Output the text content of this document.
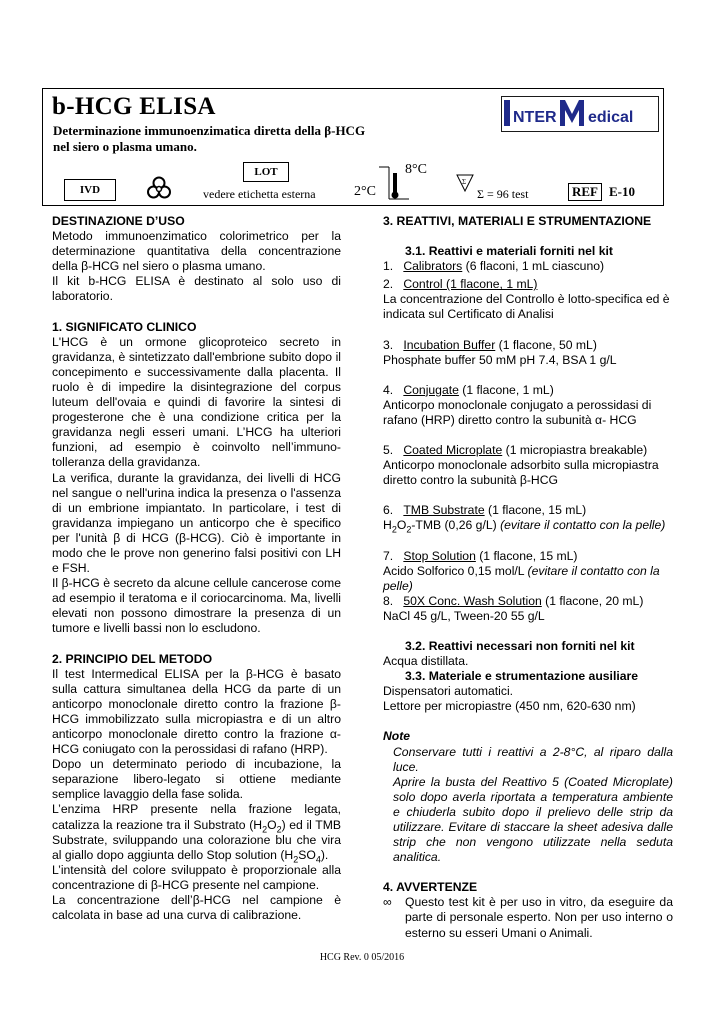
b-HCG ELISA
Determinazione immunoenzimatica diretta della β-HCG
nel siero o plasma umano.
NTER edical
IVD
LOT
vedere etichetta esterna	2°C
8°C
Σ
Σ = 96 test	REF E-10

DESTINAZIONE D’USO

Metodo immunoenzimatico colorimetrico per la determinazione quantitativa della concentrazione della β-HCG nel siero o plasma umano.

Il kit b-HCG ELISA è destinato al solo uso di laboratorio.

1. SIGNIFICATO CLINICO

L'HCG è un ormone glicoproteico secreto in gravidanza, è sintetizzato dall'embrione subito dopo il concepimento e successivamente dalla placenta. Il ruolo è di impedire la disintegrazione del corpus luteum dell'ovaia e quindi di favorire la sintesi di progesterone che è una condizione critica per la gravidanza negli esseri umani. L’HCG ha ulteriori funzioni, ad esempio è coinvolto nell’immuno-tolleranza della gravidanza.

La verifica, durante la gravidanza, dei livelli di HCG nel sangue o nell'urina indica la presenza o l'assenza di un embrione impiantato. In particolare, i test di gravidanza impiegano un anticorpo che è specifico per l'unità β di HCG (β-HCG). Ciò è importante in modo che le prove non generino falsi positivi con LH e FSH.

Il β-HCG è secreto da alcune cellule cancerose come ad esempio il teratoma e il coriocarcinoma. Ma, livelli elevati non possono dimostrare la presenza di un tumore e livelli bassi non lo escludono.

2. PRINCIPIO DEL METODO

Il test Intermedical ELISA per la β-HCG è basato sulla cattura simultanea della HCG da parte di un anticorpo monoclonale diretto contro la frazione β-HCG immobilizzato sulla micropiastra e di un altro anticorpo monoclonale diretto contro la frazione α-HCG coniugato con la perossidasi di rafano (HRP).

Dopo un determinato periodo di incubazione, la separazione libero-legato si ottiene mediante semplice lavaggio della fase solida.

L’enzima HRP presente nella frazione legata, catalizza la reazione tra il Substrato $(H_2O_2)$ ed il TMB Substrate, sviluppando una colorazione blu che vira al giallo dopo aggiunta dello Stop solution $(H_2SO_4)$.

L’intensità del colore sviluppato è proporzionale alla concentrazione di β-HCG presente nel campione.

La concentrazione dell’β-HCG nel campione è calcolata in base ad una curva di calibrazione.

3. REATTIVI, MATERIALI E STRUMENTAZIONE

3.1. Reattivi e materiali forniti nel kit

1. Calibrators (6 flaconi, 1 mL ciascuno)

2. Control (1 flacone, 1 mL)

La concentrazione del Controllo è lotto-specifica ed è indicata sul Certificato di Analisi

3. Incubation Buffer (1 flacone, 50 mL)

Phosphate buffer 50 mM pH 7.4, BSA 1 g/L

4. Conjugate (1 flacone, 1 mL)

Anticorpo monoclonale conjugato a perossidasi di rafano (HRP) diretto contro la subunità α- HCG

5. Coated Microplate (1 micropiastra breakable)

Anticorpo monoclonale adsorbito sulla micropiastra diretto contro la subunità β-HCG

6. TMB Substrate (1 flacone, 15 mL)

$H_2O_2$-TMB (0,26 g/L) (evitare il contatto con la pelle)

7. Stop Solution (1 flacone, 15 mL)

Acido Solforico 0,15 mol/L (evitare il contatto con la pelle)

8. 50X Conc. Wash Solution (1 flacone, 20 mL)

NaCl 45 g/L, Tween-20 55 g/L

3.2. Reattivi necessari non forniti nel kit

Acqua distillata.

3.3. Materiale e strumentazione ausiliare

Dispensatori automatici.

Lettore per micropiastre (450 nm, 620-630 nm)

Note

Conservare tutti i reattivi a 2-8°C, al riparo dalla luce.

Aprire la busta del Reattivo 5 (Coated Microplate) solo dopo averla riportata a temperatura ambiente e chiuderla subito dopo il prelievo delle strip da utilizzare. Evitare di staccare la sheet adesiva dalle strip che non vengono utilizzate nella seduta analitica.

4. AVVERTENZE

∞ Questo test kit è per uso in vitro, da eseguire da parte di personale esperto. Non per uso interno o esterno su esseri Umani o Animali.

HCG Rev. 0 05/2016
